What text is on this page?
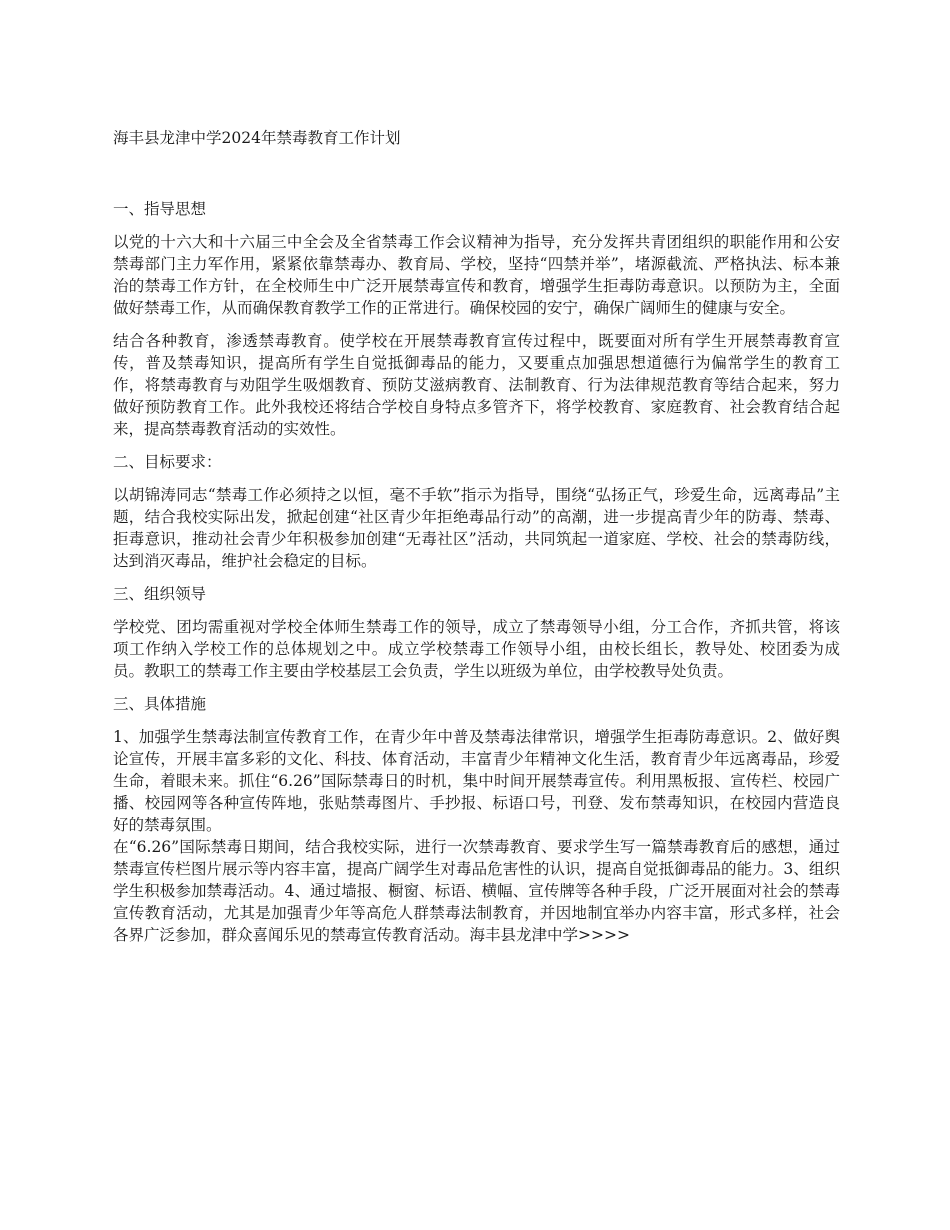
海丰县龙津中学2024年禁毒教育工作计划
一、指导思想

以党的十六大和十六届三中全会及全省禁毒工作会议精神为指导，充分发挥共青团组织的职能作用和公安禁毒部门主力军作用，紧紧依靠禁毒办、教育局、学校，坚持“四禁并举”，堵源截流、严格执法、标本兼治的禁毒工作方针，在全校师生中广泛开展禁毒宣传和教育，增强学生拒毒防毒意识。以预防为主，全面做好禁毒工作，从而确保教育教学工作的正常进行。确保校园的安宁，确保广阔师生的健康与安全。

结合各种教育，渗透禁毒教育。使学校在开展禁毒教育宣传过程中，既要面对所有学生开展禁毒教育宣传，普及禁毒知识，提高所有学生自觉抵御毒品的能力，又要重点加强思想道德行为偏常学生的教育工作，将禁毒教育与劝阻学生吸烟教育、预防艾滋病教育、法制教育、行为法律规范教育等结合起来，努力做好预防教育工作。此外我校还将结合学校自身特点多管齐下，将学校教育、家庭教育、社会教育结合起来，提高禁毒教育活动的实效性。

二、目标要求：

以胡锦涛同志“禁毒工作必须持之以恒，毫不手软”指示为指导，围绕“弘扬正气，珍爱生命，远离毒品”主题，结合我校实际出发，掀起创建“社区青少年拒绝毒品行动”的高潮，进一步提高青少年的防毒、禁毒、拒毒意识，推动社会青少年积极参加创建“无毒社区”活动，共同筑起一道家庭、学校、社会的禁毒防线，达到消灭毒品，维护社会稳定的目标。

三、组织领导

学校党、团均需重视对学校全体师生禁毒工作的领导，成立了禁毒领导小组，分工合作，齐抓共管，将该项工作纳入学校工作的总体规划之中。成立学校禁毒工作领导小组，由校长组长，教导处、校团委为成员。教职工的禁毒工作主要由学校基层工会负责，学生以班级为单位，由学校教导处负责。

三、具体措施

1、加强学生禁毒法制宣传教育工作，在青少年中普及禁毒法律常识，增强学生拒毒防毒意识。2、做好舆论宣传，开展丰富多彩的文化、科技、体育活动，丰富青少年精神文化生活，教育青少年远离毒品，珍爱生命，着眼未来。抓住“6.26”国际禁毒日的时机，集中时间开展禁毒宣传。利用黑板报、宣传栏、校园广播、校园网等各种宣传阵地，张贴禁毒图片、手抄报、标语口号，刊登、发布禁毒知识，在校园内营造良好的禁毒氛围。

在“6.26”国际禁毒日期间，结合我校实际，进行一次禁毒教育、要求学生写一篇禁毒教育后的感想，通过禁毒宣传栏图片展示等内容丰富，提高广阔学生对毒品危害性的认识，提高自觉抵御毒品的能力。3、组织学生积极参加禁毒活动。4、通过墙报、橱窗、标语、横幅、宣传牌等各种手段，广泛开展面对社会的禁毒宣传教育活动，尤其是加强青少年等高危人群禁毒法制教育，并因地制宜举办内容丰富，形式多样，社会各界广泛参加，群众喜闻乐见的禁毒宣传教育活动。海丰县龙津中学>>>>
